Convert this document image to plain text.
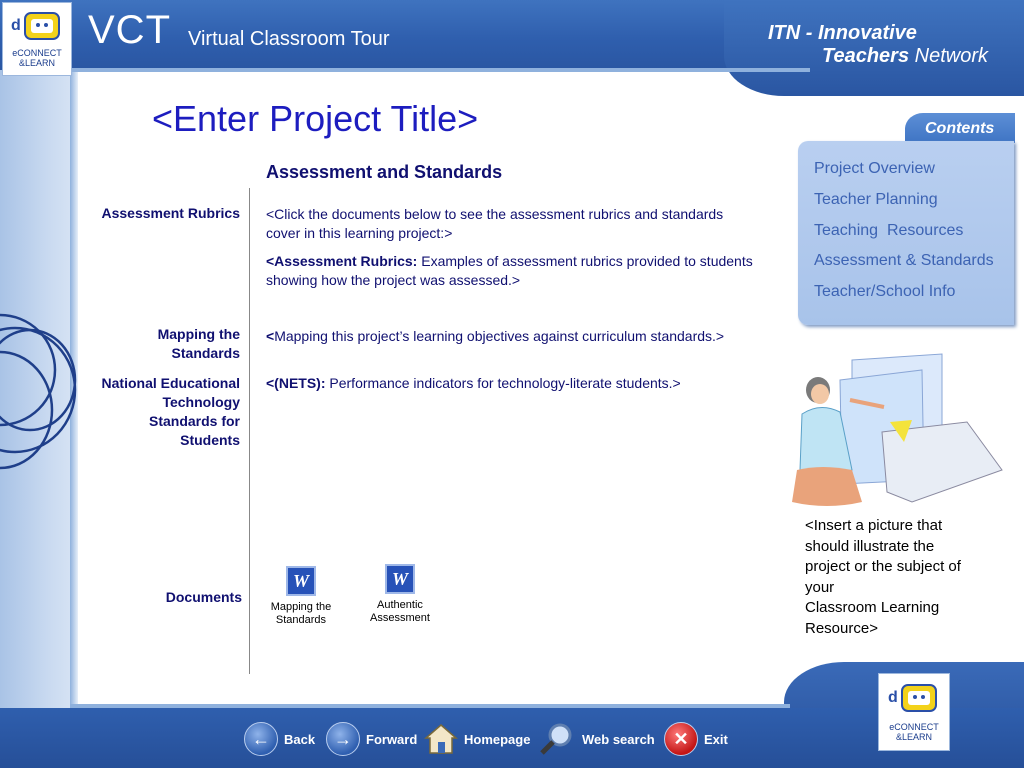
d
eCONNECT
&LEARN
VCT Virtual Classroom Tour	ITN - Innovative
Teachers Network
<Enter Project Title>
Assessment and Standards
Assessment Rubrics <Click the documents below to see the assessment rubrics and standards cover in this learning project:>
<Assessment Rubrics: Examples of assessment rubrics provided to students showing how the project was assessed.>
Mapping the
Standards
<Mapping this project’s learning objectives against curriculum standards.>
National Educational
Technology
Standards for
Students
<(NETS): Performance indicators for technology-literate students.>
Documents
W
Mapping the
Standards
W
Authentic
Assessment
Contents
Project Overview
Teacher Planning
Teaching  Resources
Assessment & Standards
Teacher/School Info
<Insert a picture that
should illustrate the
project or the subject of
your
Classroom Learning
Resource>
d
eCONNECT
&LEARN
←	Back	→	Forward	Homepage	Web search	✕	Exit
